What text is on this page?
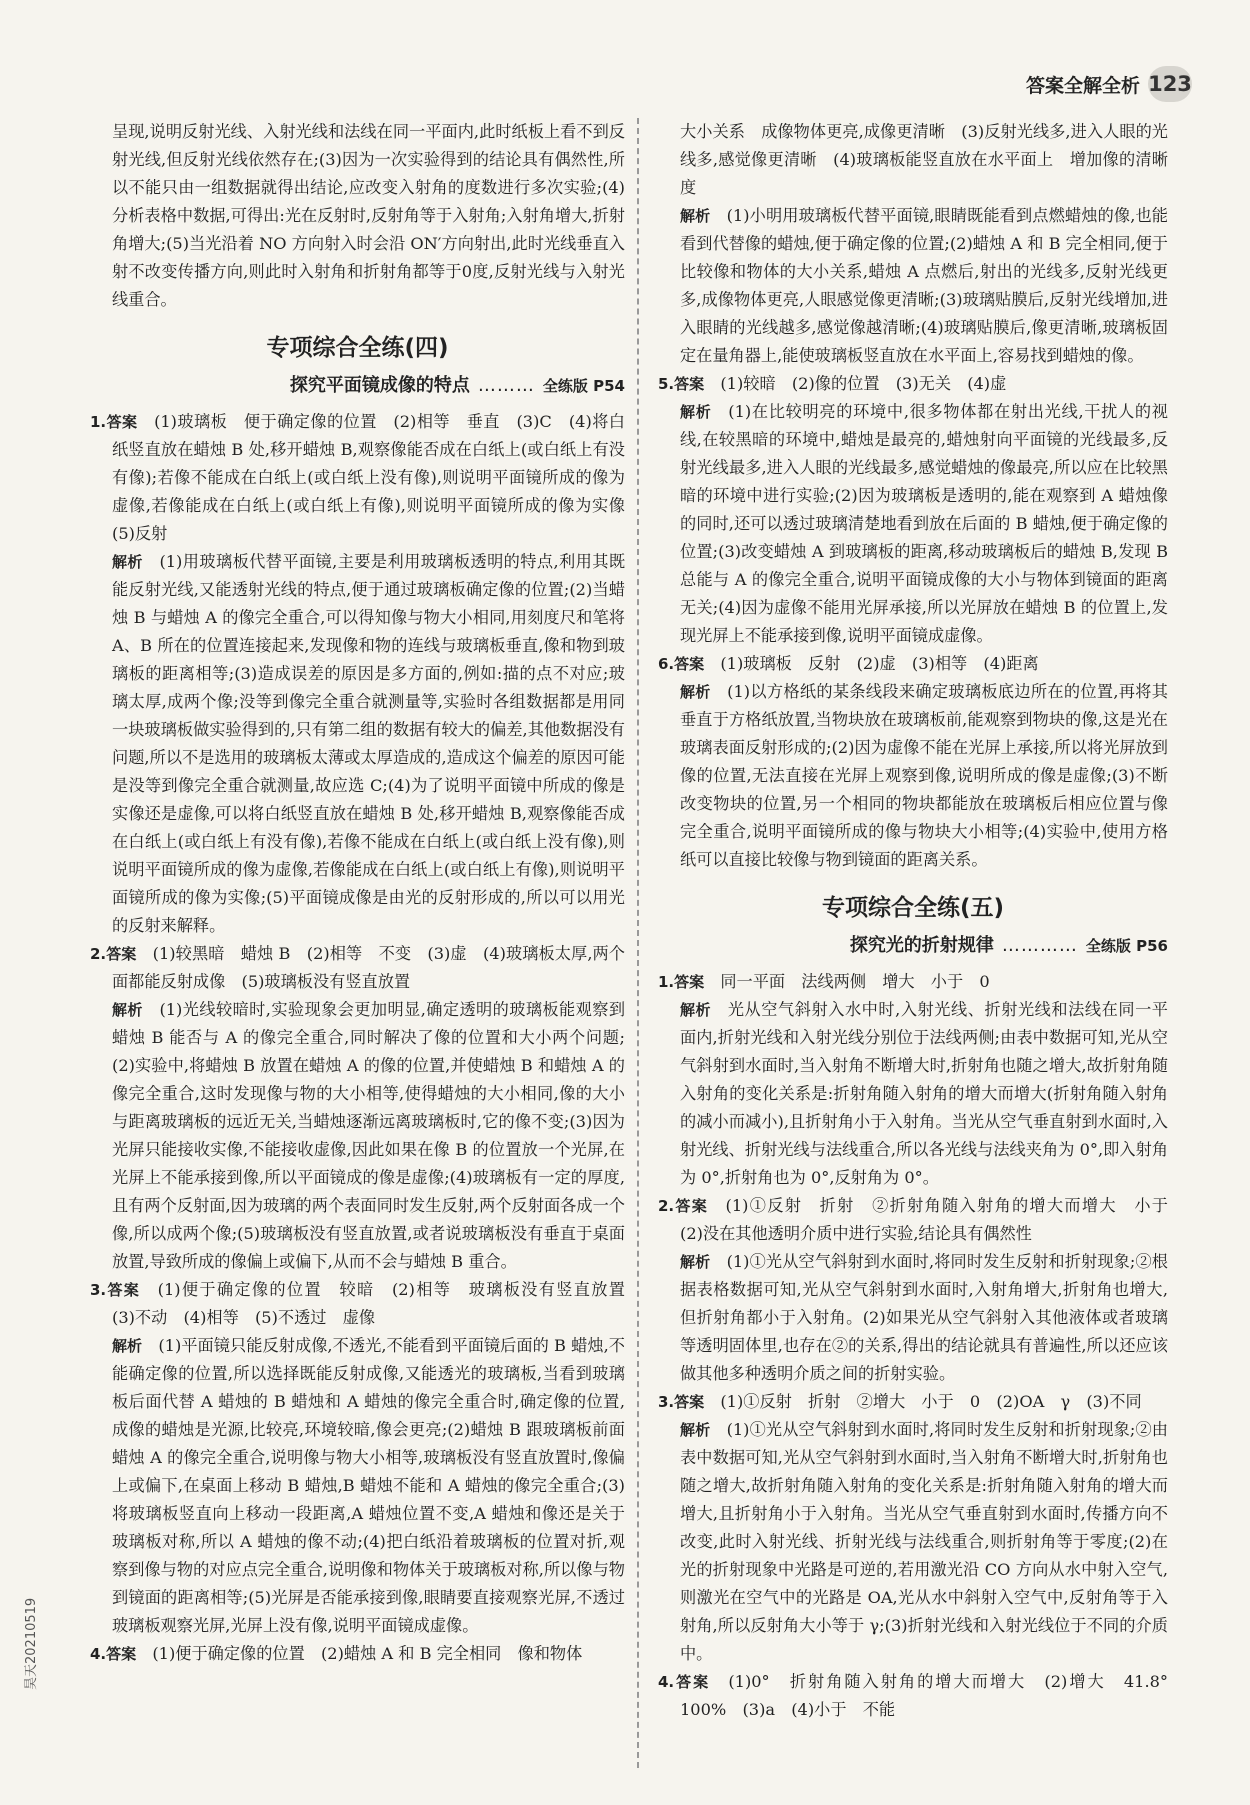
答案全解全析 123

呈现,说明反射光线、入射光线和法线在同一平面内,此时纸板上看不到反射光线,但反射光线依然存在;(3)因为一次实验得到的结论具有偶然性,所以不能只由一组数据就得出结论,应改变入射角的度数进行多次实验;(4)分析表格中数据,可得出:光在反射时,反射角等于入射角;入射角增大,折射角增大;(5)当光沿着 NO 方向射入时会沿 ON′方向射出,此时光线垂直入射不改变传播方向,则此时入射角和折射角都等于0度,反射光线与入射光线重合。

专项综合全练(四)
探究平面镜成像的特点 ……… 全练版 P54

1.答案　 (1)玻璃板　便于确定像的位置　(2)相等　垂直　(3)C　(4)将白纸竖直放在蜡烛 B 处,移开蜡烛 B,观察像能否成在白纸上(或白纸上有没有像);若像不能成在白纸上(或白纸上没有像),则说明平面镜所成的像为虚像,若像能成在白纸上(或白纸上有像),则说明平面镜所成的像为实像　(5)反射

解析　 (1)用玻璃板代替平面镜,主要是利用玻璃板透明的特点,利用其既能反射光线,又能透射光线的特点,便于通过玻璃板确定像的位置;(2)当蜡烛 B 与蜡烛 A 的像完全重合,可以得知像与物大小相同,用刻度尺和笔将 A、B 所在的位置连接起来,发现像和物的连线与玻璃板垂直,像和物到玻璃板的距离相等;(3)造成误差的原因是多方面的,例如:描的点不对应;玻璃太厚,成两个像;没等到像完全重合就测量等,实验时各组数据都是用同一块玻璃板做实验得到的,只有第二组的数据有较大的偏差,其他数据没有问题,所以不是选用的玻璃板太薄或太厚造成的,造成这个偏差的原因可能是没等到像完全重合就测量,故应选 C;(4)为了说明平面镜中所成的像是实像还是虚像,可以将白纸竖直放在蜡烛 B 处,移开蜡烛 B,观察像能否成在白纸上(或白纸上有没有像),若像不能成在白纸上(或白纸上没有像),则说明平面镜所成的像为虚像,若像能成在白纸上(或白纸上有像),则说明平面镜所成的像为实像;(5)平面镜成像是由光的反射形成的,所以可以用光的反射来解释。

2.答案　 (1)较黑暗　蜡烛 B　(2)相等　不变　(3)虚　(4)玻璃板太厚,两个面都能反射成像　(5)玻璃板没有竖直放置

解析　 (1)光线较暗时,实验现象会更加明显,确定透明的玻璃板能观察到蜡烛 B 能否与 A 的像完全重合,同时解决了像的位置和大小两个问题;(2)实验中,将蜡烛 B 放置在蜡烛 A 的像的位置,并使蜡烛 B 和蜡烛 A 的像完全重合,这时发现像与物的大小相等,使得蜡烛的大小相同,像的大小与距离玻璃板的远近无关,当蜡烛逐渐远离玻璃板时,它的像不变;(3)因为光屏只能接收实像,不能接收虚像,因此如果在像 B 的位置放一个光屏,在光屏上不能承接到像,所以平面镜成的像是虚像;(4)玻璃板有一定的厚度,且有两个反射面,因为玻璃的两个表面同时发生反射,两个反射面各成一个像,所以成两个像;(5)玻璃板没有竖直放置,或者说玻璃板没有垂直于桌面放置,导致所成的像偏上或偏下,从而不会与蜡烛 B 重合。

3.答案　 (1)便于确定像的位置　较暗　(2)相等　玻璃板没有竖直放置　(3)不动　(4)相等　(5)不透过　虚像

解析　 (1)平面镜只能反射成像,不透光,不能看到平面镜后面的 B 蜡烛,不能确定像的位置,所以选择既能反射成像,又能透光的玻璃板,当看到玻璃板后面代替 A 蜡烛的 B 蜡烛和 A 蜡烛的像完全重合时,确定像的位置,成像的蜡烛是光源,比较亮,环境较暗,像会更亮;(2)蜡烛 B 跟玻璃板前面蜡烛 A 的像完全重合,说明像与物大小相等,玻璃板没有竖直放置时,像偏上或偏下,在桌面上移动 B 蜡烛,B 蜡烛不能和 A 蜡烛的像完全重合;(3)将玻璃板竖直向上移动一段距离,A 蜡烛位置不变,A 蜡烛和像还是关于玻璃板对称,所以 A 蜡烛的像不动;(4)把白纸沿着玻璃板的位置对折,观察到像与物的对应点完全重合,说明像和物体关于玻璃板对称,所以像与物到镜面的距离相等;(5)光屏是否能承接到像,眼睛要直接观察光屏,不透过玻璃板观察光屏,光屏上没有像,说明平面镜成虚像。

4.答案　 (1)便于确定像的位置　(2)蜡烛 A 和 B 完全相同　像和物体

大小关系　成像物体更亮,成像更清晰　(3)反射光线多,进入人眼的光线多,感觉像更清晰　(4)玻璃板能竖直放在水平面上　增加像的清晰度

解析　 (1)小明用玻璃板代替平面镜,眼睛既能看到点燃蜡烛的像,也能看到代替像的蜡烛,便于确定像的位置;(2)蜡烛 A 和 B 完全相同,便于比较像和物体的大小关系,蜡烛 A 点燃后,射出的光线多,反射光线更多,成像物体更亮,人眼感觉像更清晰;(3)玻璃贴膜后,反射光线增加,进入眼睛的光线越多,感觉像越清晰;(4)玻璃贴膜后,像更清晰,玻璃板固定在量角器上,能使玻璃板竖直放在水平面上,容易找到蜡烛的像。

5.答案　 (1)较暗　(2)像的位置　(3)无关　(4)虚

解析　 (1)在比较明亮的环境中,很多物体都在射出光线,干扰人的视线,在较黑暗的环境中,蜡烛是最亮的,蜡烛射向平面镜的光线最多,反射光线最多,进入人眼的光线最多,感觉蜡烛的像最亮,所以应在比较黑暗的环境中进行实验;(2)因为玻璃板是透明的,能在观察到 A 蜡烛像的同时,还可以透过玻璃清楚地看到放在后面的 B 蜡烛,便于确定像的位置;(3)改变蜡烛 A 到玻璃板的距离,移动玻璃板后的蜡烛 B,发现 B 总能与 A 的像完全重合,说明平面镜成像的大小与物体到镜面的距离无关;(4)因为虚像不能用光屏承接,所以光屏放在蜡烛 B 的位置上,发现光屏上不能承接到像,说明平面镜成虚像。

6.答案　 (1)玻璃板　反射　(2)虚　(3)相等　(4)距离

解析　 (1)以方格纸的某条线段来确定玻璃板底边所在的位置,再将其垂直于方格纸放置,当物块放在玻璃板前,能观察到物块的像,这是光在玻璃表面反射形成的;(2)因为虚像不能在光屏上承接,所以将光屏放到像的位置,无法直接在光屏上观察到像,说明所成的像是虚像;(3)不断改变物块的位置,另一个相同的物块都能放在玻璃板后相应位置与像完全重合,说明平面镜所成的像与物块大小相等;(4)实验中,使用方格纸可以直接比较像与物到镜面的距离关系。

专项综合全练(五)
探究光的折射规律 ………… 全练版 P56

1.答案　 同一平面　法线两侧　增大　小于　0

解析　 光从空气斜射入水中时,入射光线、折射光线和法线在同一平面内,折射光线和入射光线分别位于法线两侧;由表中数据可知,光从空气斜射到水面时,当入射角不断增大时,折射角也随之增大,故折射角随入射角的变化关系是:折射角随入射角的增大而增大(折射角随入射角的减小而减小),且折射角小于入射角。当光从空气垂直射到水面时,入射光线、折射光线与法线重合,所以各光线与法线夹角为 0°,即入射角为 0°,折射角也为 0°,反射角为 0°。

2.答案　 (1)①反射　折射　②折射角随入射角的增大而增大　小于　(2)没在其他透明介质中进行实验,结论具有偶然性

解析　 (1)①光从空气斜射到水面时,将同时发生反射和折射现象;②根据表格数据可知,光从空气斜射到水面时,入射角增大,折射角也增大,但折射角都小于入射角。(2)如果光从空气斜射入其他液体或者玻璃等透明固体里,也存在②的关系,得出的结论就具有普遍性,所以还应该做其他多种透明介质之间的折射实验。

3.答案　 (1)①反射　折射　②增大　小于　0　(2)OA　γ　(3)不同

解析　 (1)①光从空气斜射到水面时,将同时发生反射和折射现象;②由表中数据可知,光从空气斜射到水面时,当入射角不断增大时,折射角也随之增大,故折射角随入射角的变化关系是:折射角随入射角的增大而增大,且折射角小于入射角。当光从空气垂直射到水面时,传播方向不改变,此时入射光线、折射光线与法线重合,则折射角等于零度;(2)在光的折射现象中光路是可逆的,若用激光沿 CO 方向从水中射入空气,则激光在空气中的光路是 OA,光从水中斜射入空气中,反射角等于入射角,所以反射角大小等于 γ;(3)折射光线和入射光线位于不同的介质中。

4.答案　 (1)0°　折射角随入射角的增大而增大　(2)增大　41.8°　100%　(3)a　(4)小于　不能

昊天20210519
